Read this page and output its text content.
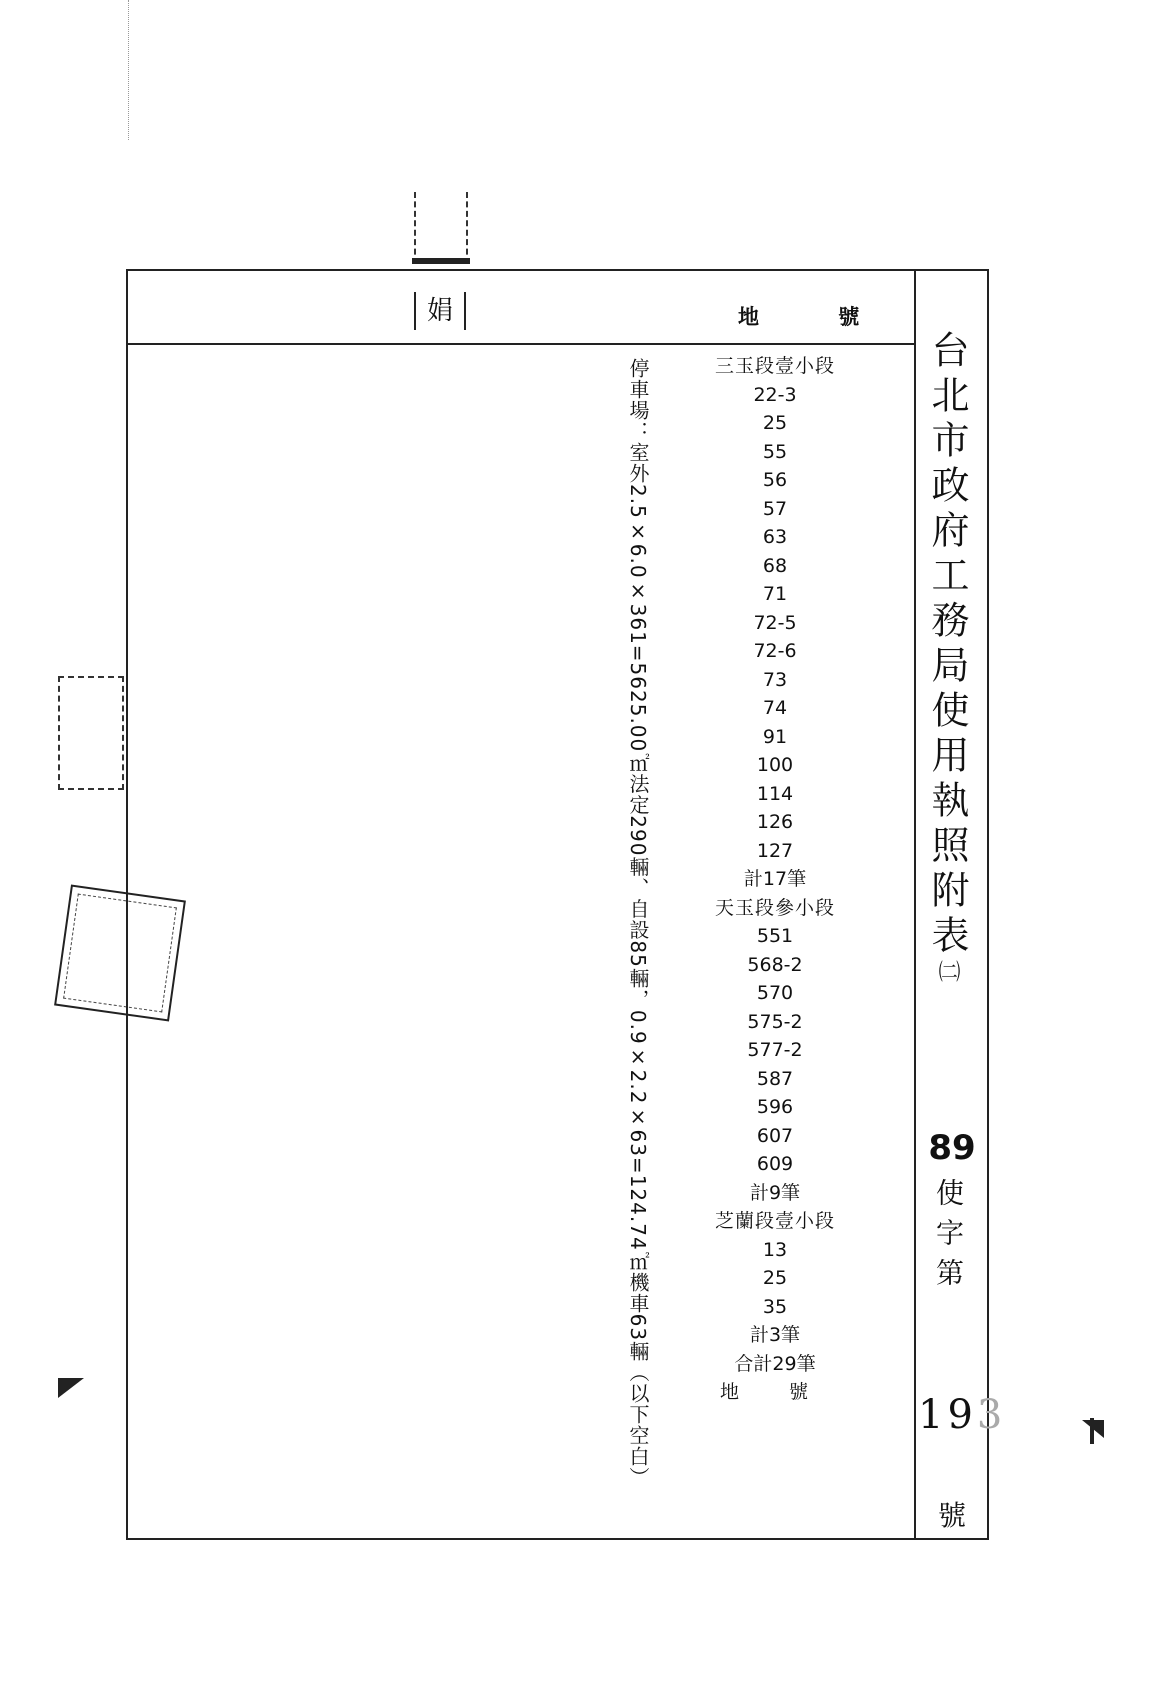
娟	地 號
三玉段壹小段
22-3
25
55
56
57
63
68
71
72-5
72-6
73
74
91
100
114
126
127
計17筆
天玉段參小段
551
568-2
570
575-2
577-2
587
596
607
609
計9筆
芝蘭段壹小段
13
25
35
計3筆
合計29筆
地 號
停車場：室外2.5×6.0×361=5625.00㎡法定290輛、自設85輛，0.9×2.2×63=124.74㎡機車63輛（以下空白）	台北市政府工務局使用執照附表㈡
89
使字第
193
號
